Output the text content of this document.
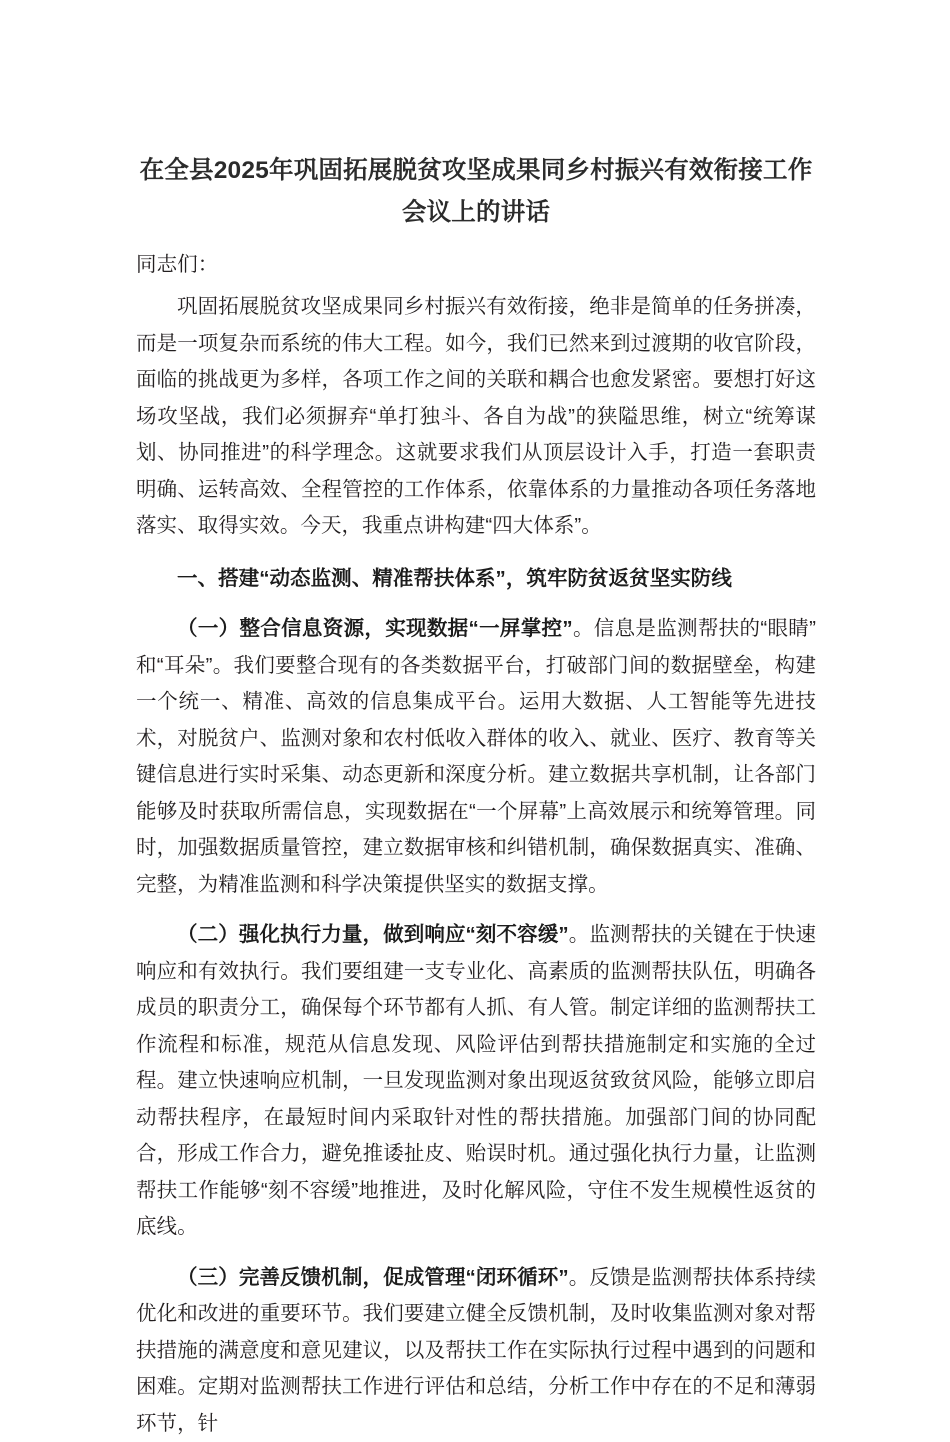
在全县2025年巩固拓展脱贫攻坚成果同乡村振兴有效衔接工作会议上的讲话
同志们：

巩固拓展脱贫攻坚成果同乡村振兴有效衔接，绝非是简单的任务拼凑，而是一项复杂而系统的伟大工程。如今，我们已然来到过渡期的收官阶段，面临的挑战更为多样，各项工作之间的关联和耦合也愈发紧密。要想打好这场攻坚战，我们必须摒弃“单打独斗、各自为战”的狭隘思维，树立“统筹谋划、协同推进”的科学理念。这就要求我们从顶层设计入手，打造一套职责明确、运转高效、全程管控的工作体系，依靠体系的力量推动各项任务落地落实、取得实效。今天，我重点讲构建“四大体系”。

一、搭建“动态监测、精准帮扶体系”，筑牢防贫返贫坚实防线

（一）整合信息资源，实现数据“一屏掌控”。信息是监测帮扶的“眼睛”和“耳朵”。我们要整合现有的各类数据平台，打破部门间的数据壁垒，构建一个统一、精准、高效的信息集成平台。运用大数据、人工智能等先进技术，对脱贫户、监测对象和农村低收入群体的收入、就业、医疗、教育等关键信息进行实时采集、动态更新和深度分析。建立数据共享机制，让各部门能够及时获取所需信息，实现数据在“一个屏幕”上高效展示和统筹管理。同时，加强数据质量管控，建立数据审核和纠错机制，确保数据真实、准确、完整，为精准监测和科学决策提供坚实的数据支撑。

（二）强化执行力量，做到响应“刻不容缓”。监测帮扶的关键在于快速响应和有效执行。我们要组建一支专业化、高素质的监测帮扶队伍，明确各成员的职责分工，确保每个环节都有人抓、有人管。制定详细的监测帮扶工作流程和标准，规范从信息发现、风险评估到帮扶措施制定和实施的全过程。建立快速响应机制，一旦发现监测对象出现返贫致贫风险，能够立即启动帮扶程序，在最短时间内采取针对性的帮扶措施。加强部门间的协同配合，形成工作合力，避免推诿扯皮、贻误时机。通过强化执行力量，让监测帮扶工作能够“刻不容缓”地推进，及时化解风险，守住不发生规模性返贫的底线。

（三）完善反馈机制，促成管理“闭环循环”。反馈是监测帮扶体系持续优化和改进的重要环节。我们要建立健全反馈机制，及时收集监测对象对帮扶措施的满意度和意见建议，以及帮扶工作在实际执行过程中遇到的问题和困难。定期对监测帮扶工作进行评估和总结，分析工作中存在的不足和薄弱环节，针
